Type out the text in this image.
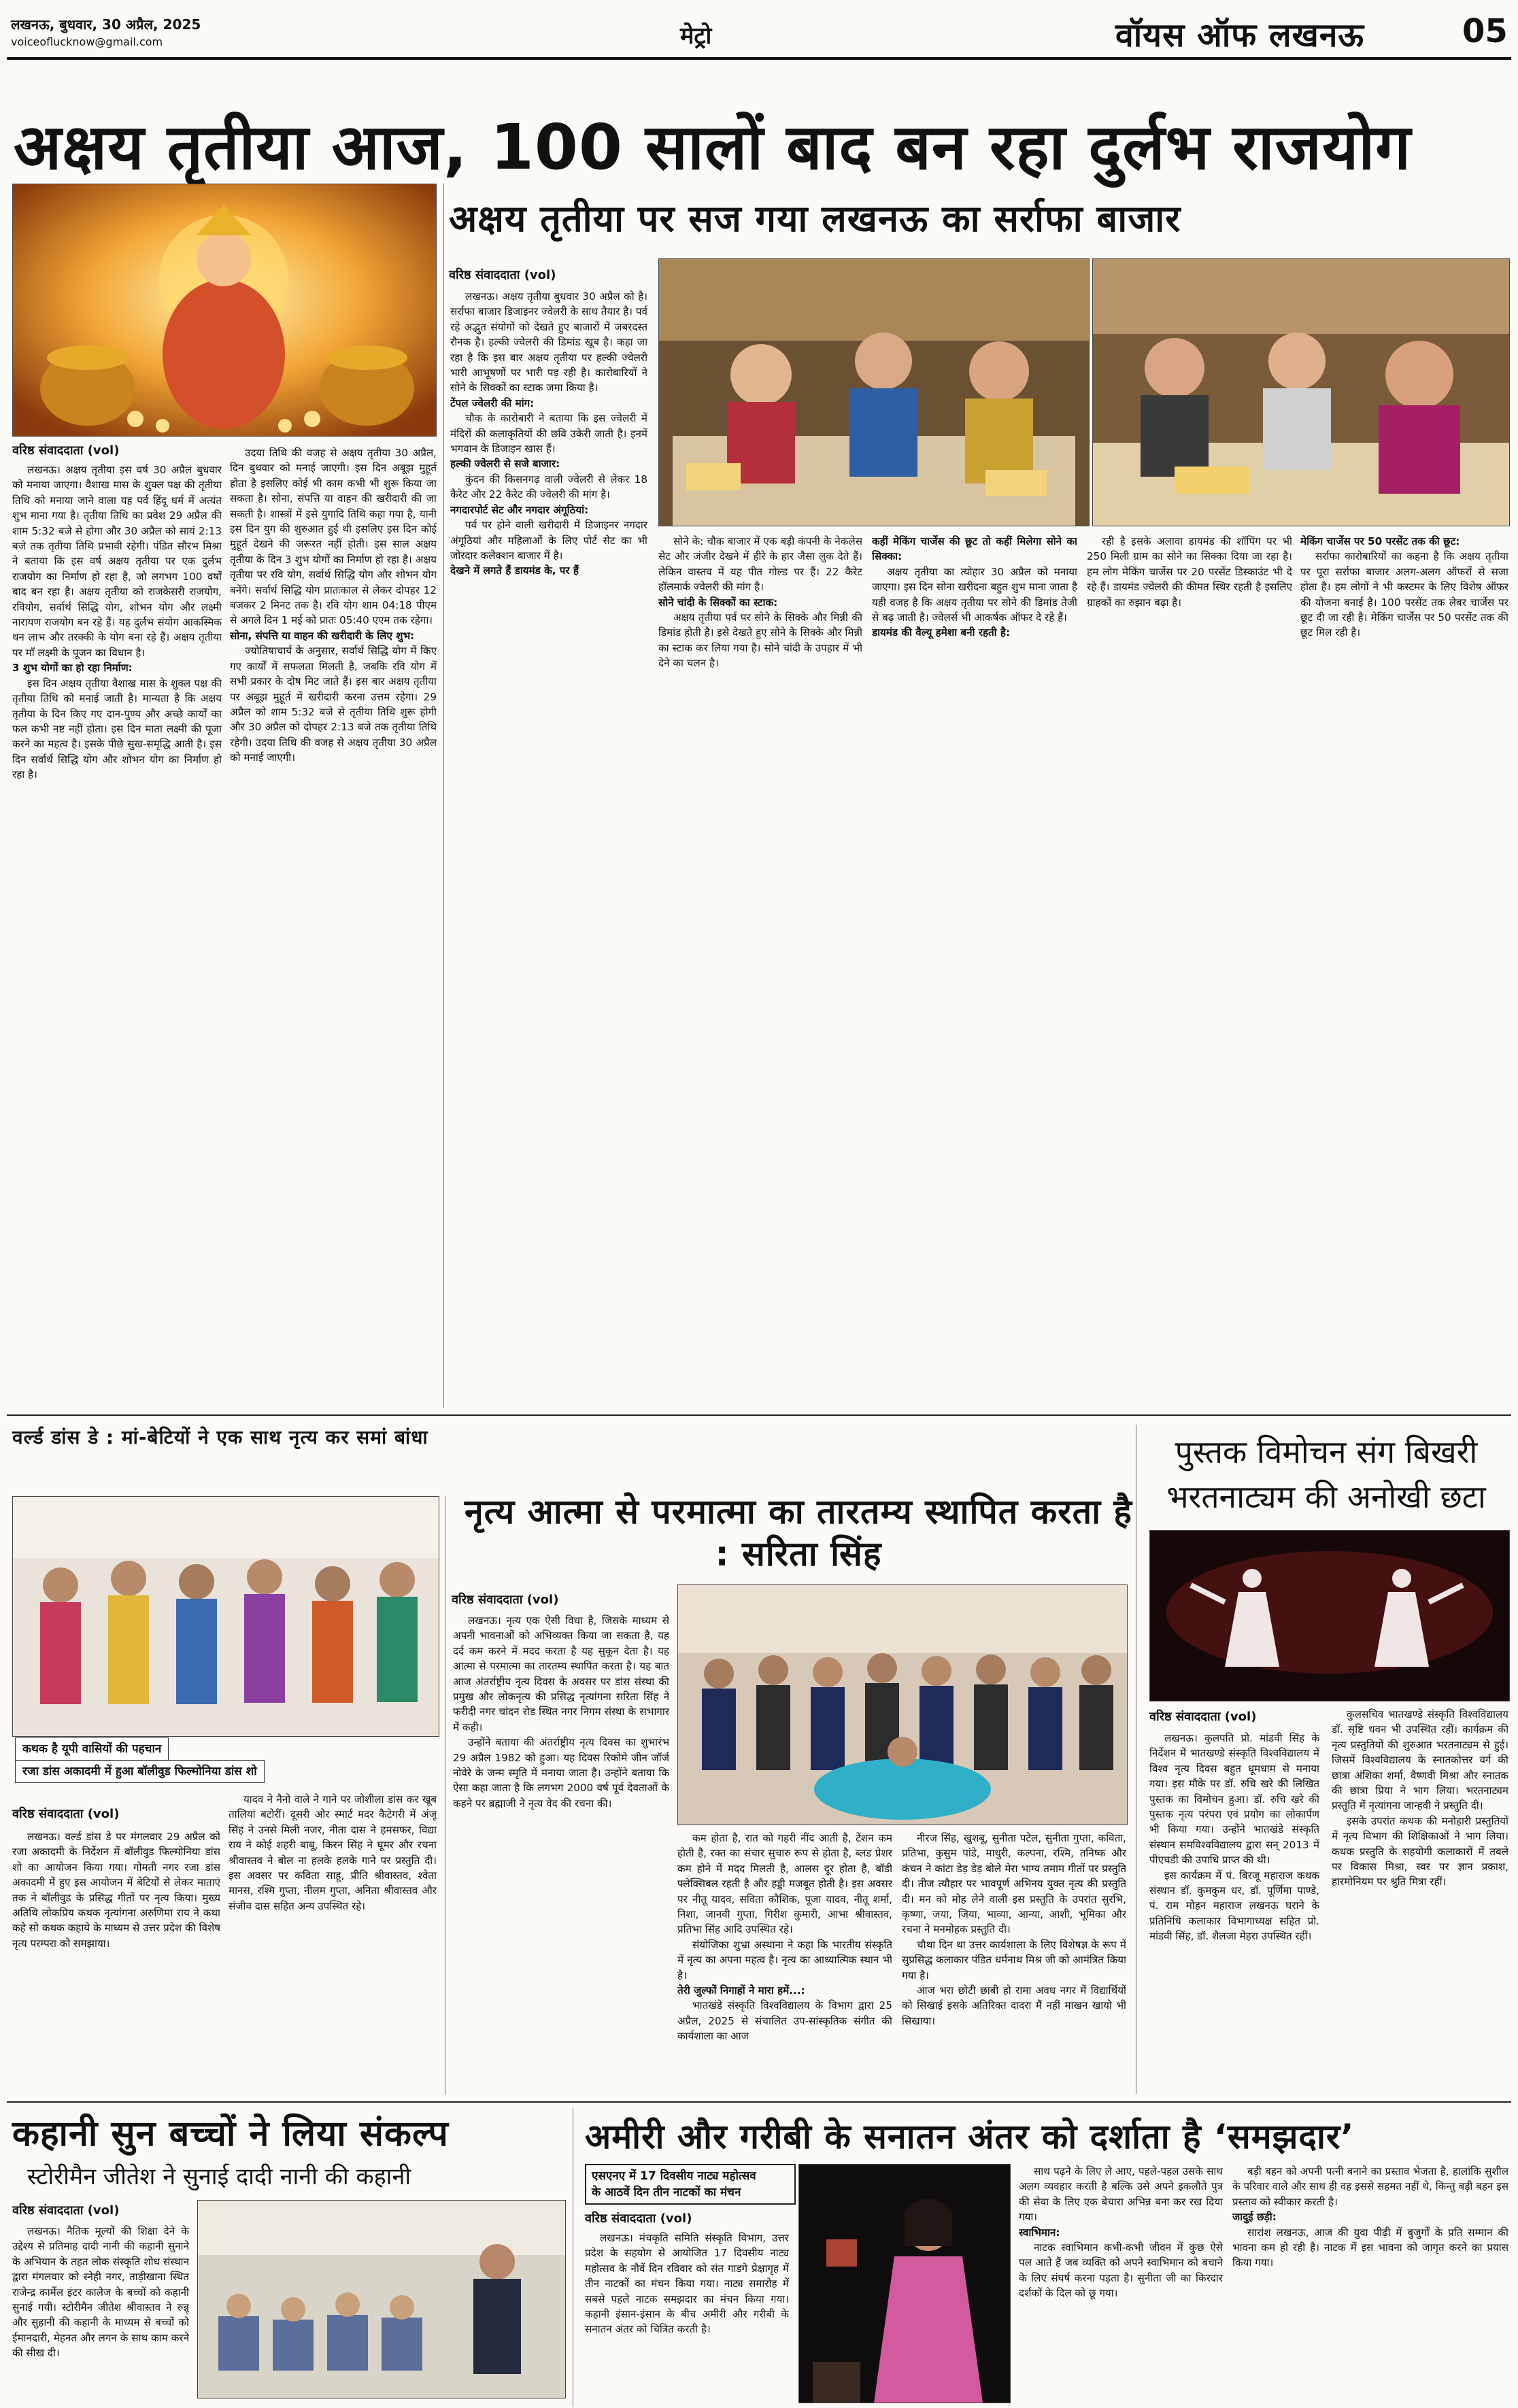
लखनऊ, बुधवार, 30 अप्रैल, 2025
voiceoflucknow@gmail.com	मेट्रो	वॉयस ऑफ लखनऊ	05
अक्षय तृतीया आज, 100 सालों बाद बन रहा दुर्लभ राजयोग
वरिष्ठ संवाददाता (vol)

लखनऊ। अक्षय तृतीया इस वर्ष 30 अप्रैल बुधवार को मनाया जाएगा। वैशाख मास के शुक्ल पक्ष की तृतीया तिथि को मनाया जाने वाला यह पर्व हिंदू धर्म में अत्यंत शुभ माना गया है। तृतीया तिथि का प्रवेश 29 अप्रैल की शाम 5:32 बजे से होगा और 30 अप्रैल को सायं 2:13 बजे तक तृतीया तिथि प्रभावी रहेगी। पंडित सौरभ मिश्रा ने बताया कि इस वर्ष अक्षय तृतीया पर एक दुर्लभ राजयोग का निर्माण हो रहा है, जो लगभग 100 वर्षों बाद बन रहा है। अक्षय तृतीया को राजकेसरी राजयोग, रवियोग, सर्वार्थ सिद्धि योग, शोभन योग और लक्ष्मी नारायण राजयोग बन रहे हैं। यह दुर्लभ संयोग आकस्मिक धन लाभ और तरक्की के योग बना रहे हैं। अक्षय तृतीया पर माँ लक्ष्मी के पूजन का विधान है।

3 शुभ योगों का हो रहा निर्माण:

इस दिन अक्षय तृतीया वैशाख मास के शुक्ल पक्ष की तृतीया तिथि को मनाई जाती है। मान्यता है कि अक्षय तृतीया के दिन किए गए दान-पुण्य और अच्छे कार्यों का फल कभी नष्ट नहीं होता। इस दिन माता लक्ष्मी की पूजा करने का महत्व है। इसके पीछे सुख-समृद्धि आती है। इस दिन सर्वार्थ सिद्धि योग और शोभन योग का निर्माण हो रहा है।

उदया तिथि की वजह से अक्षय तृतीया 30 अप्रैल, दिन बुधवार को मनाई जाएगी। इस दिन अबूझ मुहूर्त होता है इसलिए कोई भी काम कभी भी शुरू किया जा सकता है। सोना, संपत्ति या वाहन की खरीदारी की जा सकती है। शास्त्रों में इसे युगादि तिथि कहा गया है, यानी इस दिन युग की शुरुआत हुई थी इसलिए इस दिन कोई मुहूर्त देखने की जरूरत नहीं होती। इस साल अक्षय तृतीया के दिन 3 शुभ योगों का निर्माण हो रहा है। अक्षय तृतीया पर रवि योग, सर्वार्थ सिद्धि योग और शोभन योग बनेंगे। सर्वार्थ सिद्धि योग प्रातःकाल से लेकर दोपहर 12 बजकर 2 मिनट तक है। रवि योग शाम 04:18 पीएम से अगले दिन 1 मई को प्रातः 05:40 एएम तक रहेगा।

सोना, संपत्ति या वाहन की खरीदारी के लिए शुभ:

ज्योतिषाचार्य के अनुसार, सर्वार्थ सिद्धि योग में किए गए कार्यों में सफलता मिलती है, जबकि रवि योग में सभी प्रकार के दोष मिट जाते हैं। इस बार अक्षय तृतीया पर अबूझ मुहूर्त में खरीदारी करना उत्तम रहेगा। 29 अप्रैल को शाम 5:32 बजे से तृतीया तिथि शुरू होगी और 30 अप्रैल को दोपहर 2:13 बजे तक तृतीया तिथि रहेगी। उदया तिथि की वजह से अक्षय तृतीया 30 अप्रैल को मनाई जाएगी।

अक्षय तृतीया पर सज गया लखनऊ का सर्राफा बाजार
वरिष्ठ संवाददाता (vol)

लखनऊ। अक्षय तृतीया बुधवार 30 अप्रैल को है। सर्राफा बाजार डिजाइनर ज्वेलरी के साथ तैयार है। पर्व रहे अद्भुत संयोगों को देखते हुए बाजारों में जबरदस्त रौनक है। हल्की ज्वेलरी की डिमांड खूब है। कहा जा रहा है कि इस बार अक्षय तृतीया पर हल्की ज्वेलरी भारी आभूषणों पर भारी पड़ रही है। कारोबारियों ने सोने के सिक्कों का स्टाक जमा किया है।

टेंपल ज्वेलरी की मांग:

चौक के कारोबारी ने बताया कि इस ज्वेलरी में मंदिरों की कलाकृतियों की छवि उकेरी जाती है। इनमें भगवान के डिजाइन खास हैं।

हल्की ज्वेलरी से सजे बाजार:

कुंदन की किसनगढ़ वाली ज्वेलरी से लेकर 18 कैरेट और 22 कैरेट की ज्वेलरी की मांग है।

नगदारपोर्ट सेट और नगदार अंगूठियां:

पर्व पर होने वाली खरीदारी में डिजाइनर नगदार अंगूठियां और महिलाओं के लिए पोर्ट सेट का भी जोरदार कलेक्शन बाजार में है।

देखने में लगते हैं डायमंड के, पर हैं

सोने के: चौक बाजार में एक बड़ी कंपनी के नेकलेस सेट और जंजीर देखने में हीरे के हार जैसा लुक देते हैं। लेकिन वास्तव में यह पीत गोल्ड पर हैं। 22 कैरेट हॉलमार्क ज्वेलरी की मांग है।

सोने चांदी के सिक्कों का स्टाक:

अक्षय तृतीया पर्व पर सोने के सिक्के और मिन्नी की डिमांड होती है। इसे देखते हुए सोने के सिक्के और मिन्नी का स्टाक कर लिया गया है। सोने चांदी के उपहार में भी देने का चलन है।

कहीं मेकिंग चार्जेस की छूट तो कहीं मिलेगा सोने का सिक्का:

अक्षय तृतीया का त्योहार 30 अप्रैल को मनाया जाएगा। इस दिन सोना खरीदना बहुत शुभ माना जाता है यही वजह है कि अक्षय तृतीया पर सोने की डिमांड तेजी से बढ़ जाती है। ज्वेलर्स भी आकर्षक ऑफर दे रहे हैं।

डायमंड की वैल्यू हमेशा बनी रहती है:

रही है इसके अलावा डायमंड की शॉपिंग पर भी 250 मिली ग्राम का सोने का सिक्का दिया जा रहा है। हम लोग मेकिंग चार्जेस पर 20 परसेंट डिस्काउंट भी दे रहे हैं। डायमंड ज्वेलरी की कीमत स्थिर रहती है इसलिए ग्राहकों का रुझान बढ़ा है।

मेकिंग चार्जेस पर 50 परसेंट तक की छूट:

सर्राफा कारोबारियों का कहना है कि अक्षय तृतीया पर पूरा सर्राफा बाजार अलग-अलग ऑफरों से सजा होता है। हम लोगों ने भी कस्टमर के लिए विशेष ऑफर की योजना बनाई है। 100 परसेंट तक लेबर चार्जेस पर छूट दी जा रही है। मेकिंग चार्जेस पर 50 परसेंट तक की छूट मिल रही है।

वर्ल्ड डांस डे : मां-बेटियों ने एक साथ नृत्य कर समां बांधा
कथक है यूपी वासियों की पहचान
रजा डांस अकादमी में हुआ बॉलीवुड फिल्मोनिया डांस शो
वरिष्ठ संवाददाता (vol)

लखनऊ। वर्ल्ड डांस डे पर मंगलवार 29 अप्रैल को रजा अकादमी के निर्देशन में बॉलीवुड फिल्मोनिया डांस शो का आयोजन किया गया। गोमती नगर रजा डांस अकादमी में हुए इस आयोजन में बेटियों से लेकर माताएं तक ने बॉलीवुड के प्रसिद्ध गीतों पर नृत्य किया। मुख्य अतिथि लोकप्रिय कथक नृत्यांगना अरुणिमा राय ने कथा कहे सो कथक कहाये के माध्यम से उत्तर प्रदेश की विशेष नृत्य परम्परा को समझाया।

यादव ने नैनो वाले ने गाने पर जोशीला डांस कर खूब तालियां बटोरीं। दूसरी ओर स्मार्ट मदर कैटेगरी में अंजू सिंह ने उनसे मिली नजर, नीता दास ने हमसफर, विद्या राय ने कोई शहरी बाबू, किरन सिंह ने घूमर और रचना श्रीवास्तव ने बोल ना हलके हलके गाने पर प्रस्तुति दी। इस अवसर पर कविता साहू, प्रीति श्रीवास्तव, श्वेता मानस, रश्मि गुप्ता, नीलम गुप्ता, अनिता श्रीवास्तव और संजीव दास सहित अन्य उपस्थित रहे।

नृत्य आत्मा से परमात्मा का तारतम्य स्थापित करता है : सरिता सिंह
वरिष्ठ संवाददाता (vol)

लखनऊ। नृत्य एक ऐसी विधा है, जिसके माध्यम से अपनी भावनाओं को अभिव्यक्त किया जा सकता है, यह दर्द कम करने में मदद करता है यह सुकून देता है। यह आत्मा से परमात्मा का तारतम्य स्थापित करता है। यह बात आज अंतर्राष्ट्रीय नृत्य दिवस के अवसर पर डांस संस्था की प्रमुख और लोकनृत्य की प्रसिद्ध नृत्यांगना सरिता सिंह ने फरीदी नगर चांदन रोड स्थित नगर निगम संस्था के सभागार में कही।

उन्होंने बताया की अंतर्राष्ट्रीय नृत्य दिवस का शुभारंभ 29 अप्रैल 1982 को हुआ। यह दिवस रिकोमे जीन जॉर्ज नोवेरे के जन्म स्मृति में मनाया जाता है। उन्होंने बताया कि ऐसा कहा जाता है कि लगभग 2000 वर्ष पूर्व देवताओं के कहने पर ब्रह्माजी ने नृत्य वेद की रचना की।

कम होता है, रात को गहरी नींद आती है, टेंशन कम होती है, रक्त का संचार सुचारु रूप से होता है, ब्लड प्रेशर कम होने में मदद मिलती है, आलस दूर होता है, बॉडी फ्लेक्सिबल रहती है और हड्डी मजबूत होती है। इस अवसर पर नीतू यादव, सविता कौशिक, पूजा यादव, नीतू शर्मा, निशा, जानवी गुप्ता, गिरीश कुमारी, आभा श्रीवास्तव, प्रतिभा सिंह आदि उपस्थित रहे।

संयोजिका शुभ्रा अस्थाना ने कहा कि भारतीय संस्कृति में नृत्य का अपना महत्व है। नृत्य का आध्यात्मिक स्थान भी है।

तेरी जुल्फों निगाहों ने मारा हमें...:

भातखंडे संस्कृति विश्वविद्यालय के विभाग द्वारा 25 अप्रैल, 2025 से संचालित उप-सांस्कृतिक संगीत की कार्यशाला का आज

नीरज सिंह, खुशबू, सुनीता पटेल, सुनीता गुप्ता, कविता, प्रतिभा, कुसुम पांडे, माधुरी, कल्पना, रश्मि, तनिष्क और कंचन ने कांटा डेड़ डेड़ बोले मेरा भाग्य तमाम गीतों पर प्रस्तुति दी। तीज त्यौहार पर भावपूर्ण अभिनय युक्त नृत्य की प्रस्तुति दी। मन को मोह लेने वाली इस प्रस्तुति के उपरांत सुरभि, कृष्णा, जया, जिया, भाव्या, आन्या, आशी, भूमिका और रचना ने मनमोहक प्रस्तुति दी।

चौथा दिन था उत्तर कार्यशाला के लिए विशेषज्ञ के रूप में सुप्रसिद्ध कलाकार पंडित धर्मनाथ मिश्र जी को आमंत्रित किया गया है।

आज भरा छोटी छाबी हो रामा अवध नगर में विद्यार्थियों को सिखाई इसके अतिरिक्त दादरा मैं नहीं माखन खायो भी सिखाया।

पुस्तक विमोचन संग बिखरी भरतनाट्यम की अनोखी छटा
वरिष्ठ संवाददाता (vol)

लखनऊ। कुलपति प्रो. मांडवी सिंह के निर्देशन में भातखण्डे संस्कृति विश्वविद्यालय में विश्व नृत्य दिवस बहुत धूमधाम से मनाया गया। इस मौके पर डॉ. रुचि खरे की लिखित पुस्तक का विमोचन हुआ। डॉ. रुचि खरे की पुस्तक नृत्य परंपरा एवं प्रयोग का लोकार्पण भी किया गया। उन्होंने भातखंडे संस्कृति संस्थान समविश्वविद्यालय द्वारा सन् 2013 में पीएचडी की उपाधि प्राप्त की थी।

इस कार्यक्रम में पं. बिरजू महाराज कथक संस्थान डॉ. कुमकुम धर, डॉ. पूर्णिमा पाण्डे, पं. राम मोहन महाराज लखनऊ घराने के प्रतिनिधि कलाकार विभागाध्यक्ष सहित प्रो. मांडवी सिंह, डॉ. शैलजा मेहरा उपस्थित रहीं।

कुलसचिव भातखण्डे संस्कृति विश्वविद्यालय डॉ. सृष्टि धवन भी उपस्थित रहीं। कार्यक्रम की नृत्य प्रस्तुतियों की शुरुआत भरतनाट्यम से हुई। जिसमें विश्वविद्यालय के स्नातकोत्तर वर्ग की छात्रा अंशिका शर्मा, वैष्णवी मिश्रा और स्नातक की छात्रा प्रिया ने भाग लिया। भरतनाट्यम प्रस्तुति में नृत्यांगना जान्हवी ने प्रस्तुति दी।

इसके उपरांत कथक की मनोहारी प्रस्तुतियों में नृत्य विभाग की शिक्षिकाओं ने भाग लिया। कथक प्रस्तुति के सहयोगी कलाकारों में तबले पर विकास मिश्रा, स्वर पर ज्ञान प्रकाश, हारमोनियम पर श्रुति मित्रा रहीं।

कहानी सुन बच्चों ने लिया संकल्प
स्टोरीमैन जीतेश ने सुनाई दादी नानी की कहानी
वरिष्ठ संवाददाता (vol)

लखनऊ। नैतिक मूल्यों की शिक्षा देने के उद्देश्य से प्रतिमाह दादी नानी की कहानी सुनाने के अभियान के तहत लोक संस्कृति शोध संस्थान द्वारा मंगलवार को स्नेही नगर, ताड़ीखाना स्थित राजेन्द्र कार्मेल इंटर कालेज के बच्चों को कहानी सुनाई गयी। स्टोरीमैन जीतेश श्रीवास्तव ने रुन्नू और सुहानी की कहानी के माध्यम से बच्चों को ईमानदारी, मेहनत और लगन के साथ काम करने की सीख दी।

अमीरी और गरीबी के सनातन अंतर को दर्शाता है ‘समझदार’
एसएनए में 17 दिवसीय नाट्य महोत्सव
के आठवें दिन तीन नाटकों का मंचन
वरिष्ठ संवाददाता (vol)

लखनऊ। मंचकृति समिति संस्कृति विभाग, उत्तर प्रदेश के सहयोग से आयोजित 17 दिवसीय नाट्य महोत्सव के नौवें दिन रविवार को संत गाडगे प्रेक्षागृह में तीन नाटकों का मंचन किया गया। नाट्य समारोह में सबसे पहले नाटक समझदार का मंचन किया गया। कहानी इंसान-इंसान के बीच अमीरी और गरीबी के सनातन अंतर को चित्रित करती है।

साथ पढ़ने के लिए ले आए, पहले-पहल उसके साथ अलग व्यवहार करती है बल्कि उसे अपने इकलौते पुत्र की सेवा के लिए एक बेचारा अभिन्न बना कर रख दिया गया।

स्वाभिमान:

नाटक स्वाभिमान कभी-कभी जीवन में कुछ ऐसे पल आते हैं जब व्यक्ति को अपने स्वाभिमान को बचाने के लिए संघर्ष करना पड़ता है। सुनीता जी का किरदार दर्शकों के दिल को छू गया।

बड़ी बहन को अपनी पत्नी बनाने का प्रस्ताव भेजता है, हालांकि सुशील के परिवार वाले और साथ ही वह इससे सहमत नहीं थे, किन्तु बड़ी बहन इस प्रस्ताव को स्वीकार करती है।

जादुई छड़ी:

सारांश लखनऊ, आज की युवा पीढ़ी में बुजुर्गों के प्रति सम्मान की भावना कम हो रही है। नाटक में इस भावना को जागृत करने का प्रयास किया गया।
